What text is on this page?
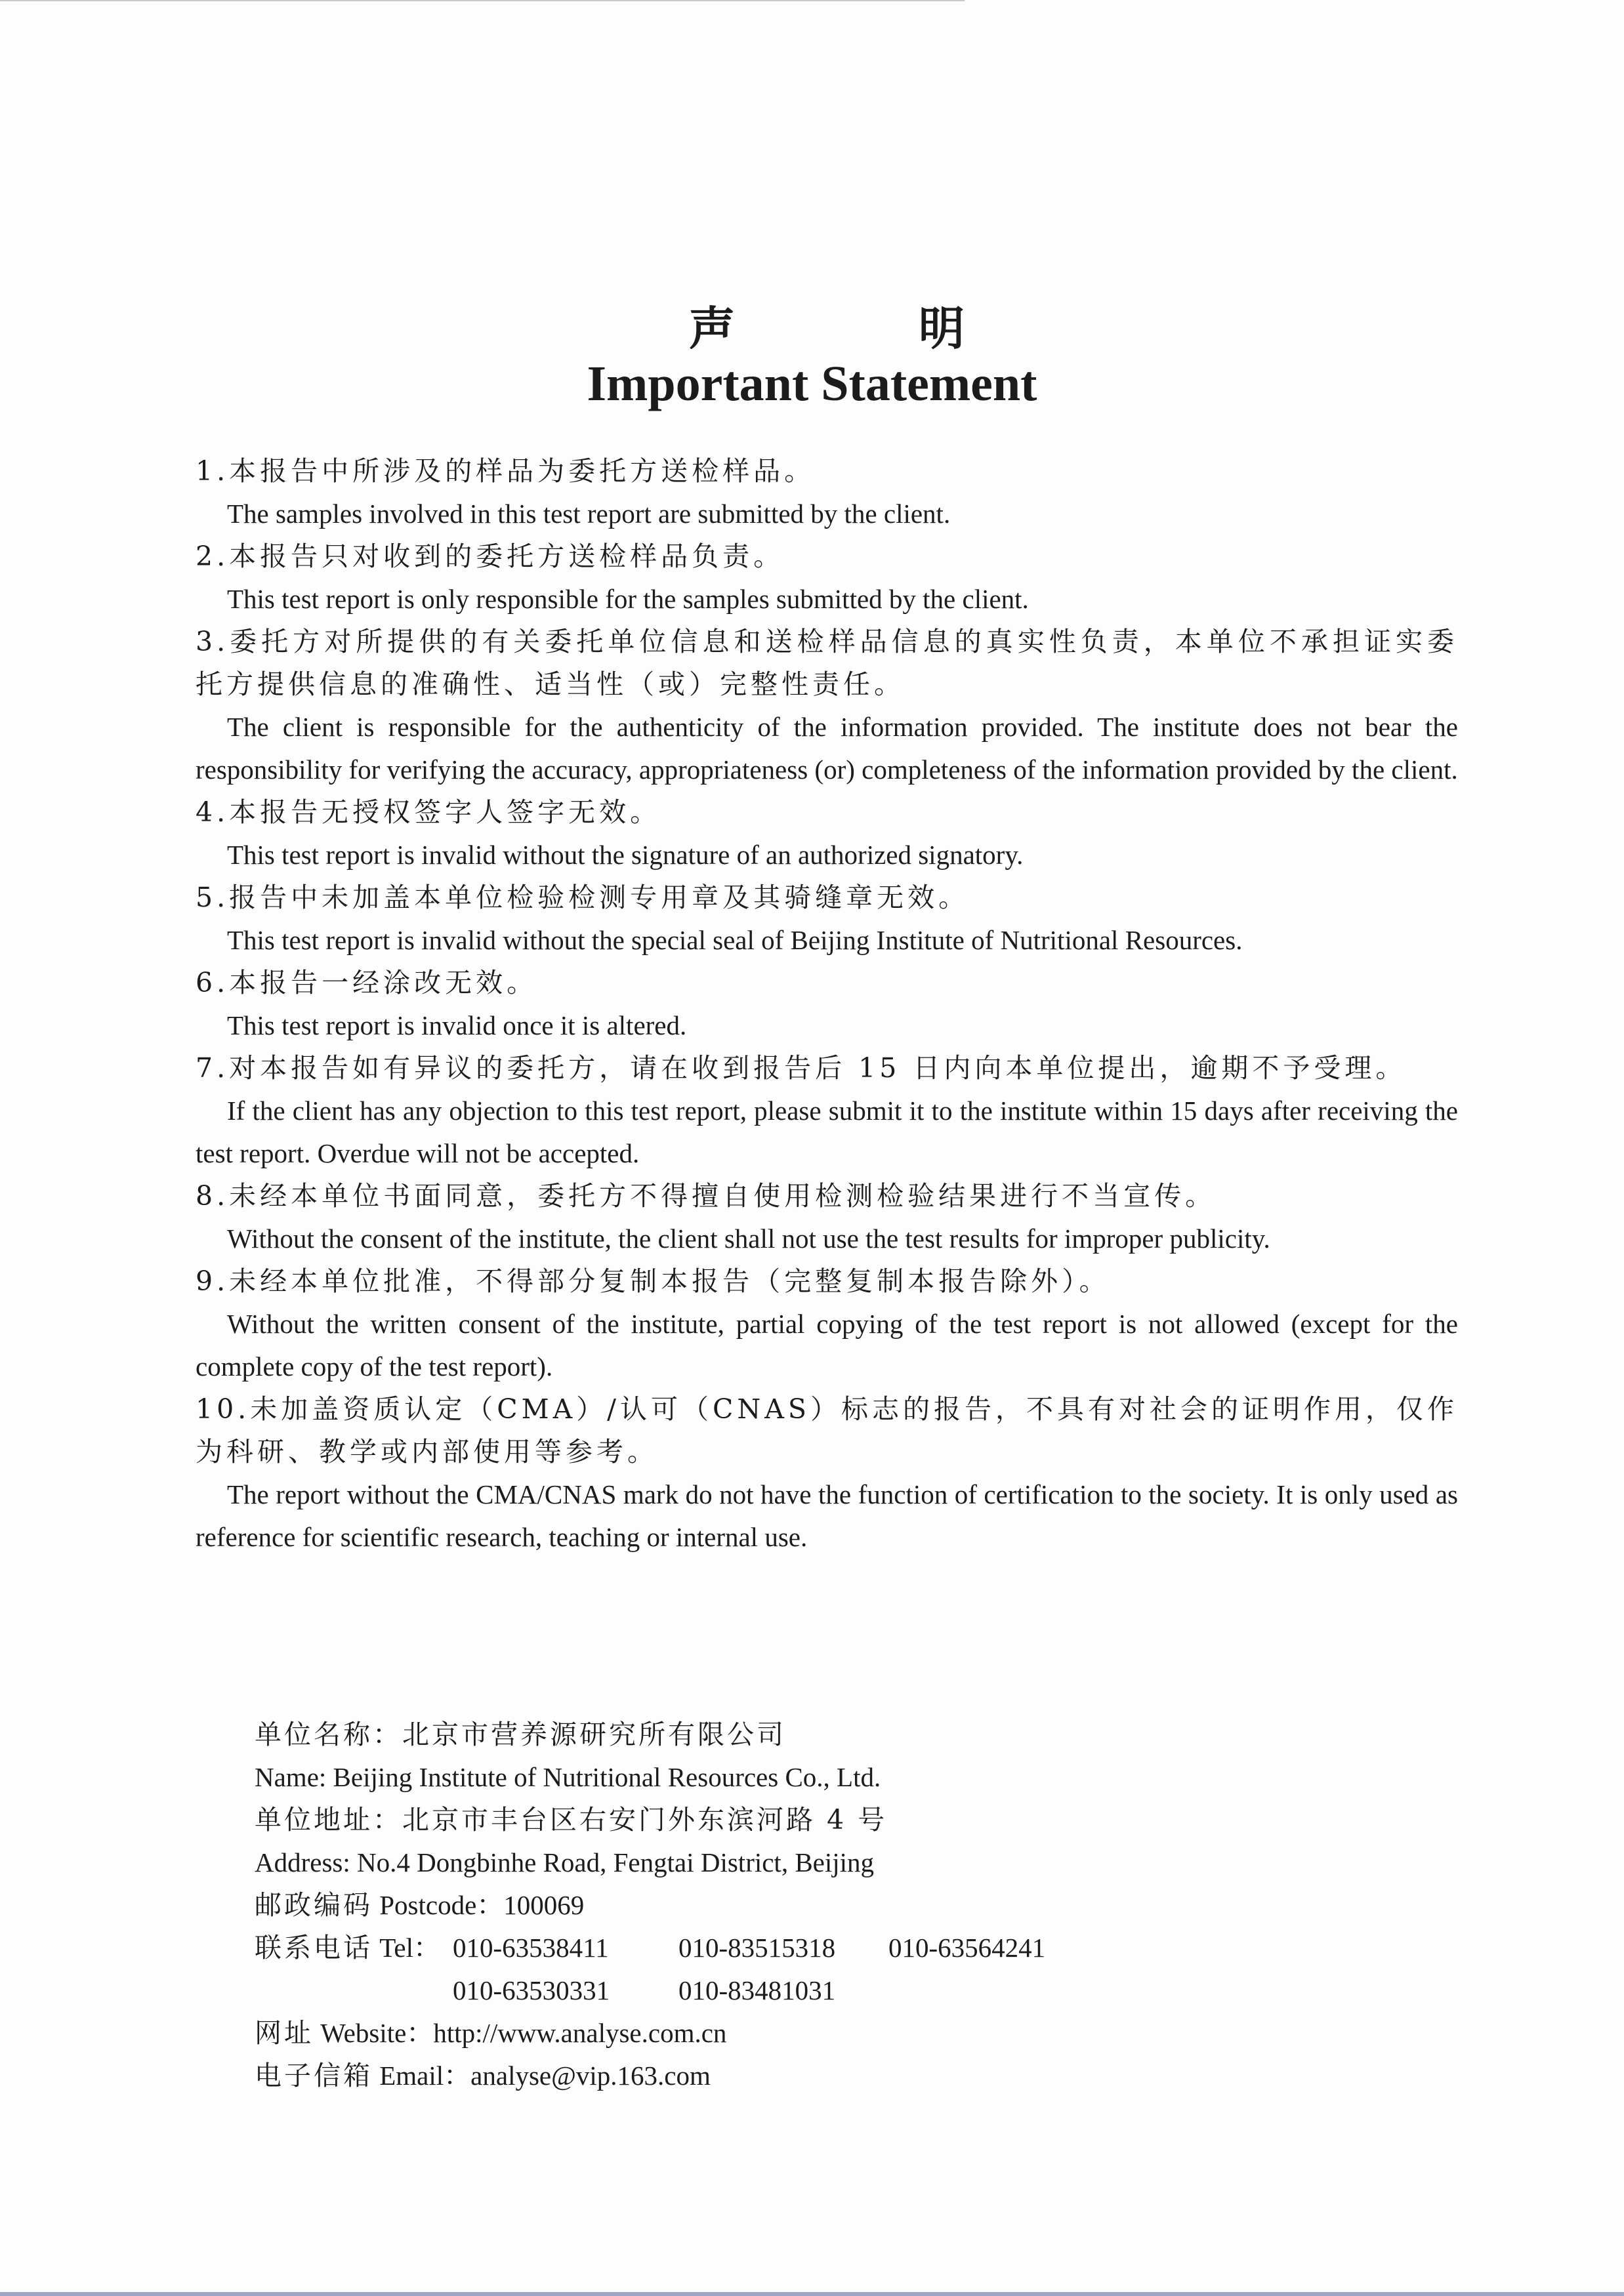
声	明
Important Statement
1.本报告中所涉及的样品为委托方送检样品。
The samples involved in this test report are submitted by the client.
2.本报告只对收到的委托方送检样品负责。
This test report is only responsible for the samples submitted by the client.
3.委托方对所提供的有关委托单位信息和送检样品信息的真实性负责，本单位不承担证实委托方提供信息的准确性、适当性（或）完整性责任。
The client is responsible for the authenticity of the information provided. The institute does not bear the responsibility for verifying the accuracy, appropriateness (or) completeness of the information provided by the client.
4.本报告无授权签字人签字无效。
This test report is invalid without the signature of an authorized signatory.
5.报告中未加盖本单位检验检测专用章及其骑缝章无效。
This test report is invalid without the special seal of Beijing Institute of Nutritional Resources.
6.本报告一经涂改无效。
This test report is invalid once it is altered.
7.对本报告如有异议的委托方，请在收到报告后 15 日内向本单位提出，逾期不予受理。
If the client has any objection to this test report, please submit it to the institute within 15 days after receiving the test report. Overdue will not be accepted.
8.未经本单位书面同意，委托方不得擅自使用检测检验结果进行不当宣传。
Without the consent of the institute, the client shall not use the test results for improper publicity.
9.未经本单位批准，不得部分复制本报告（完整复制本报告除外）。
Without the written consent of the institute, partial copying of the test report is not allowed (except for the complete copy of the test report).
10.未加盖资质认定（CMA）/认可（CNAS）标志的报告，不具有对社会的证明作用，仅作为科研、教学或内部使用等参考。
The report without the CMA/CNAS mark do not have the function of certification to the society. It is only used as reference for scientific research, teaching or internal use.
单位名称：北京市营养源研究所有限公司
Name: Beijing Institute of Nutritional Resources Co., Ltd.
单位地址：北京市丰台区右安门外东滨河路 4 号
Address: No.4 Dongbinhe Road, Fengtai District, Beijing
邮政编码 Postcode：100069
联系电话 Tel： 010-63538411	010-83515318 010-63564241
010-63530331	010-83481031
网址 Website：http://www.analyse.com.cn
电子信箱 Email：analyse@vip.163.com
